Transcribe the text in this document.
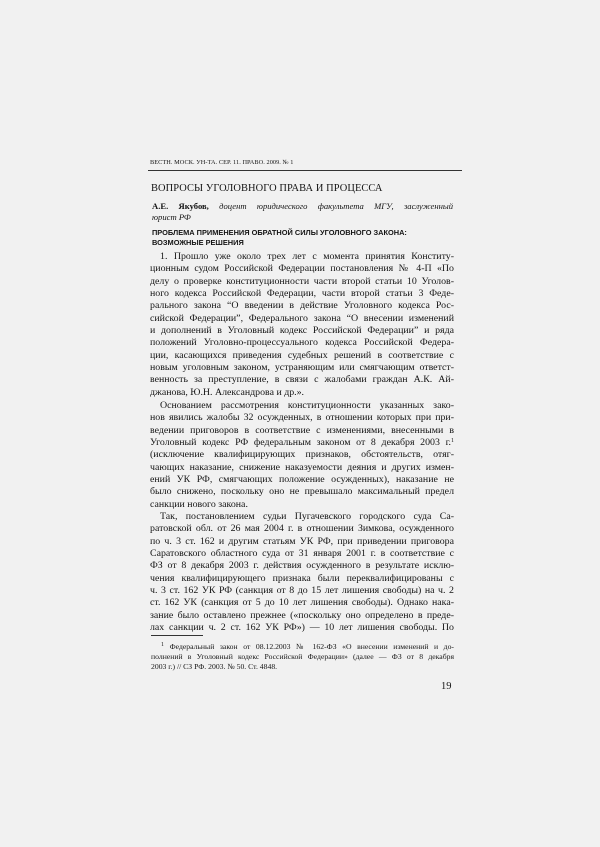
ВЕСТН. МОСК. УН-ТА. СЕР. 11. ПРАВО. 2009. № 1
ВОПРОСЫ УГОЛОВНОГО ПРАВА И ПРОЦЕССА
А.Е. Якубов, доцент юридического факультета МГУ, заслуженный
юрист РФ
ПРОБЛЕМА ПРИМЕНЕНИЯ ОБРАТНОЙ СИЛЫ УГОЛОВНОГО ЗАКОНА:
ВОЗМОЖНЫЕ РЕШЕНИЯ
1. Прошло уже около трех лет с момента принятия Конститу-
ционным судом Российской Федерации постановления № 4-П «По
делу о проверке конституционности части второй статьи 10 Уголов-
ного кодекса Российской Федерации, части второй статьи 3 Феде-
рального закона “О введении в действие Уголовного кодекса Рос-
сийской Федерации”, Федерального закона “О внесении изменений
и дополнений в Уголовный кодекс Российской Федерации” и ряда
положений Уголовно-процессуального кодекса Российской Федера-
ции, касающихся приведения судебных решений в соответствие с
новым уголовным законом, устраняющим или смягчающим ответст-
венность за преступление, в связи с жалобами граждан А.К. Ай-
джанова, Ю.Н. Александрова и др.».
Основанием рассмотрения конституционности указанных зако-
нов явились жалобы 32 осужденных, в отношении которых при при-
ведении приговоров в соответствие с изменениями, внесенными в
Уголовный кодекс РФ федеральным законом от 8 декабря 2003 г.$^1$
(исключение квалифицирующих признаков, обстоятельств, отяг-
чающих наказание, снижение наказуемости деяния и других измен-
ений УК РФ, смягчающих положение осужденных), наказание не
было снижено, поскольку оно не превышало максимальный предел
санкции нового закона.
Так, постановлением судьи Пугачевского городского суда Са-
ратовской обл. от 26 мая 2004 г. в отношении Зимкова, осужденного
по ч. 3 ст. 162 и другим статьям УК РФ, при приведении приговора
Саратовского областного суда от 31 января 2001 г. в соответствие с
ФЗ от 8 декабря 2003 г. действия осужденного в результате исклю-
чения квалифицирующего признака были переквалифицированы с
ч. 3 ст. 162 УК РФ (санкция от 8 до 15 лет лишения свободы) на ч. 2
ст. 162 УК (санкция от 5 до 10 лет лишения свободы). Однако нака-
зание было оставлено прежнее («поскольку оно определено в преде-
лах санкции ч. 2 ст. 162 УК РФ») — 10 лет лишения свободы. По
$^1$ Федеральный закон от 08.12.2003 № 162-ФЗ «О внесении изменений и до-
полнений в Уголовный кодекс Российской Федерации» (далее — ФЗ от 8 декабря
2003 г.) // СЗ РФ. 2003. № 50. Ст. 4848.
19
